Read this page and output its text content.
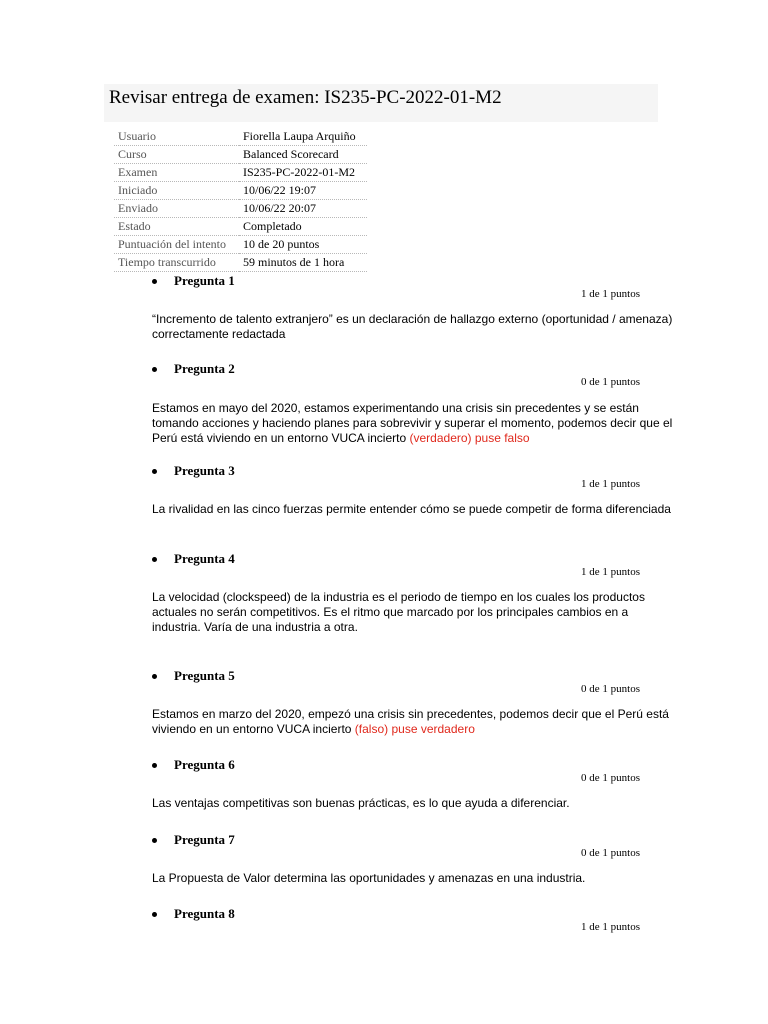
Revisar entrega de examen: IS235-PC-2022-01-M2
Usuario	Fiorella Laupa Arquiño
Curso	Balanced Scorecard
Examen	IS235-PC-2022-01-M2
Iniciado	10/06/22 19:07
Enviado	10/06/22 20:07
Estado	Completado
Puntuación del intento	10 de 20 puntos
Tiempo transcurrido	59 minutos de 1 hora
Pregunta 1
1 de 1 puntos
“Incremento de talento extranjero” es un declaración de hallazgo externo (oportunidad / amenaza) correctamente redactada
Pregunta 2
0 de 1 puntos
Estamos en mayo del 2020, estamos experimentando una crisis sin precedentes y se están tomando acciones y haciendo planes para sobrevivir y superar el momento, podemos decir que el Perú está viviendo en un entorno VUCA incierto (verdadero) puse falso
Pregunta 3
1 de 1 puntos
La rivalidad en las cinco fuerzas permite entender cómo se puede competir de forma diferenciada
Pregunta 4
1 de 1 puntos
La velocidad (clockspeed) de la industria es el periodo de tiempo en los cuales los productos actuales no serán competitivos. Es el ritmo que marcado por los principales cambios en a industria. Varía de una industria a otra.
Pregunta 5
0 de 1 puntos
Estamos en marzo del 2020, empezó una crisis sin precedentes, podemos decir que el Perú está viviendo en un entorno VUCA incierto (falso) puse verdadero
Pregunta 6
0 de 1 puntos
Las ventajas competitivas son buenas prácticas, es lo que ayuda a diferenciar.
Pregunta 7
0 de 1 puntos
La Propuesta de Valor determina las oportunidades y amenazas en una industria.
Pregunta 8
1 de 1 puntos
